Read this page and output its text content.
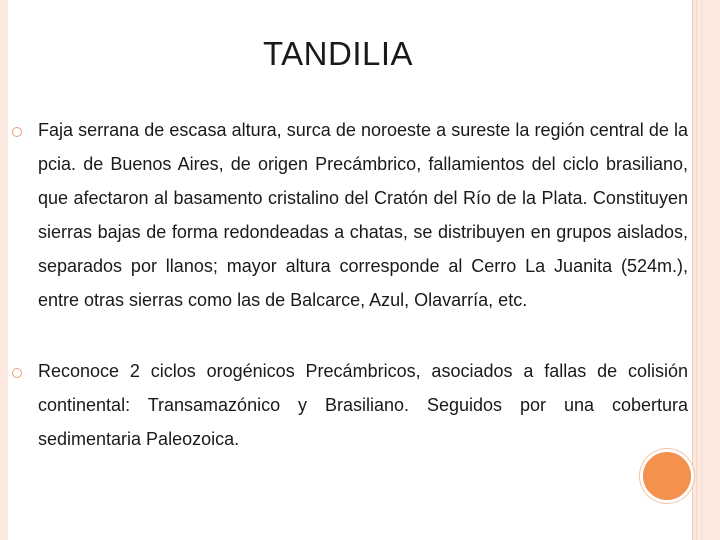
TANDILIA
Faja serrana de escasa altura, surca de noroeste a sureste la región central de la pcia. de Buenos Aires, de origen Precámbrico, fallamientos del ciclo brasiliano, que afectaron al basamento cristalino del Cratón del Río de la Plata. Constituyen sierras bajas de forma redondeadas a chatas, se distribuyen en grupos aislados, separados por llanos; mayor altura corresponde al Cerro La Juanita (524m.), entre otras sierras como las de Balcarce, Azul, Olavarría, etc.
Reconoce 2 ciclos orogénicos Precámbricos, asociados a fallas de colisión continental: Transamazónico y Brasiliano. Seguidos por una cobertura sedimentaria Paleozoica.
